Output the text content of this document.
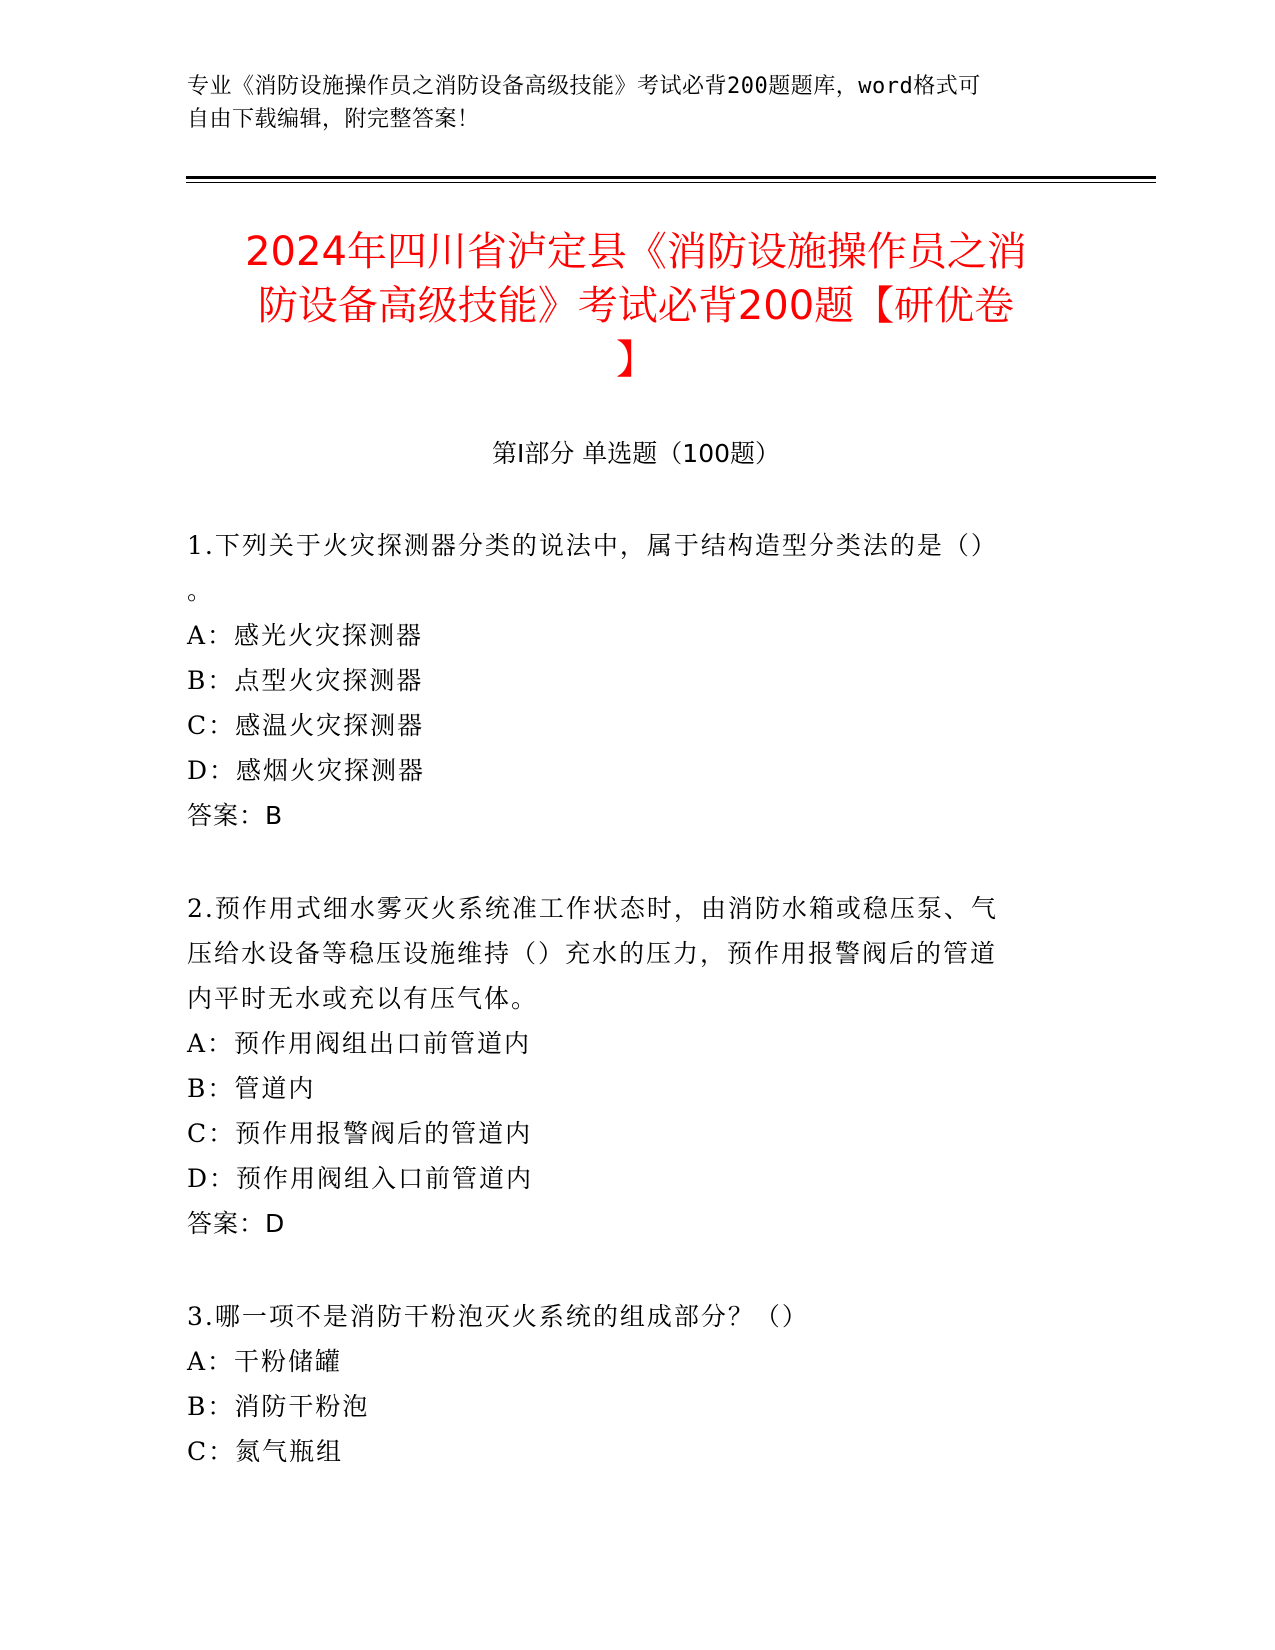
专业《消防设施操作员之消防设备高级技能》考试必背200题题库，word格式可
自由下载编辑，附完整答案！
2024年四川省泸定县《消防设施操作员之消
防设备高级技能》考试必背200题【研优卷
】
第Ⅰ部分 单选题（100题）
1.下列关于火灾探测器分类的说法中，属于结构造型分类法的是（）
。
A：感光火灾探测器
B：点型火灾探测器
C：感温火灾探测器
D：感烟火灾探测器
答案：B
2.预作用式细水雾灭火系统准工作状态时，由消防水箱或稳压泵、气
压给水设备等稳压设施维持（）充水的压力，预作用报警阀后的管道
内平时无水或充以有压气体。
A：预作用阀组出口前管道内
B：管道内
C：预作用报警阀后的管道内
D：预作用阀组入口前管道内
答案：D
3.哪一项不是消防干粉泡灭火系统的组成部分？（）
A：干粉储罐
B：消防干粉泡
C：氮气瓶组
